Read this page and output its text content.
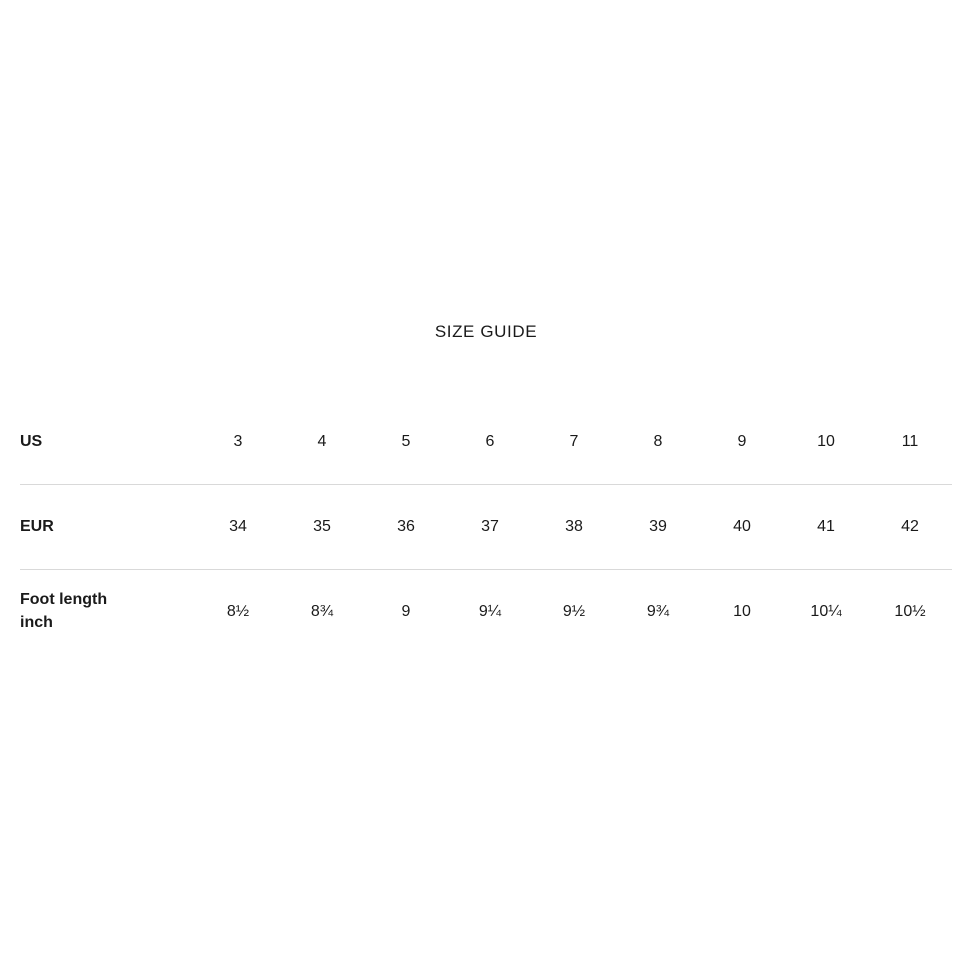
SIZE GUIDE
US	3	4	5	6	7	8	9	10	11

EUR	34	35	36	37	38	39	40	41	42

Foot length
inch	8½	8¾	9	9¼	9½	9¾	10	10¼	10½
